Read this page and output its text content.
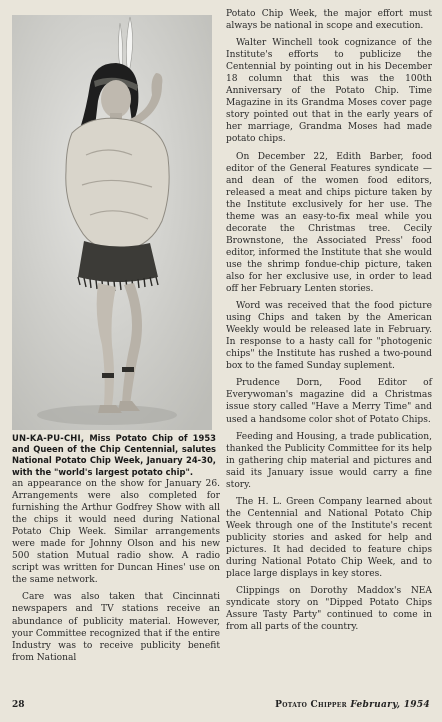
UN-KA-PU-CHI, Miss Potato Chip of 1953 and Queen of the Chip Centennial, salutes National Potato Chip Week, January 24-30, with the "world's largest potato chip".

an appearance on the show for January 26. Arrangements were also completed for furnishing the Arthur Godfrey Show with all the chips it would need during National Potato Chip Week. Similar arrangements were made for Johnny Olson and his new 500 station Mutual radio show. A radio script was written for Duncan Hines' use on the same network.

Care was also taken that Cincinnati newspapers and TV stations receive an abundance of publicity material. However, your Committee recognized that if the entire Industry was to receive publicity benefit from National

Potato Chip Week, the major effort must always be national in scope and execution.

Walter Winchell took cognizance of the Institute's efforts to publicize the Centennial by pointing out in his December 18 column that this was the 100th Anniversary of the Potato Chip. Time Magazine in its Grandma Moses cover page story pointed out that in the early years of her marriage, Grandma Moses had made potato chips.

On December 22, Edith Barber, food editor of the General Features syndicate — and dean of the women food editors, released a meat and chips picture taken by the Institute exclusively for her use. The theme was an easy-to-fix meal while you decorate the Christmas tree. Cecily Brownstone, the Associated Press' food editor, informed the Institute that she would use the shrimp fondue-chip picture, taken also for her exclusive use, in order to lead off her February Lenten stories.

Word was received that the food picture using Chips and taken by the American Weekly would be released late in February. In response to a hasty call for "photogenic chips" the Institute has rushed a two-pound box to the famed Sunday suplement.

Prudence Dorn, Food Editor of Everywoman's magazine did a Christmas issue story called "Have a Merry Time" and used a handsome color shot of Potato Chips.

Feeding and Housing, a trade publication, thanked the Publicity Committee for its help in gathering chip material and pictures and said its January issue would carry a fine story.

The H. L. Green Company learned about the Centennial and National Potato Chip Week through one of the Institute's recent publicity stories and asked for help and pictures. It had decided to feature chips during National Potato Chip Week, and to place large displays in key stores.

Clippings on Dorothy Maddox's NEA syndicate story on "Dipped Potato Chips Assure Tasty Party" continued to come in from all parts of the country.

28	Potato Chipper February, 1954
